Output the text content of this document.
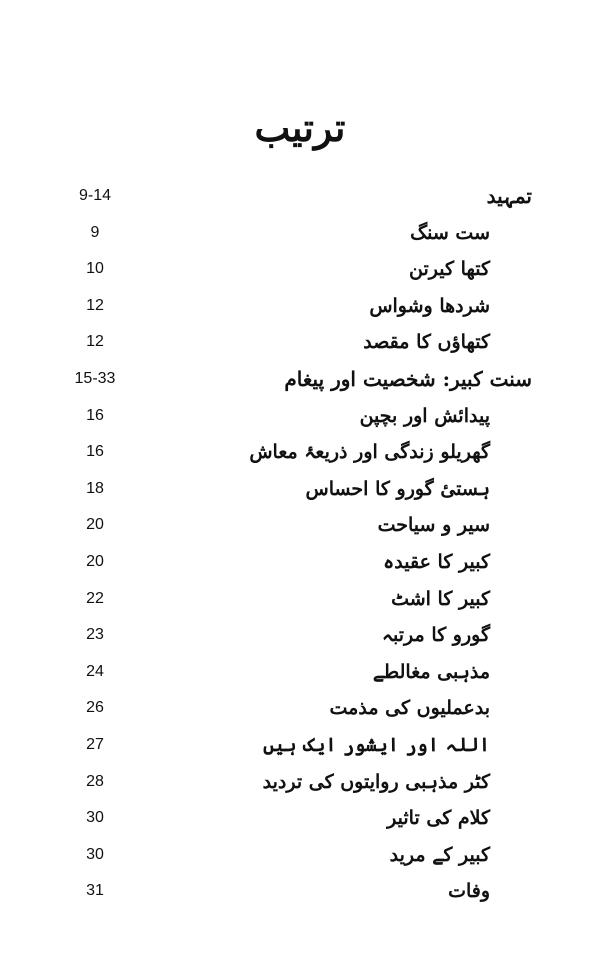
ترتیب
تمہید
9-14
ست سنگ
9
کتھا کیرتن
10
شردھا وشواس
12
کتھاؤں کا مقصد
12
سنت کبیر: شخصیت اور پیغام
15-33
پیدائش اور بچپن
16
گھریلو زندگی اور ذریعۂ معاش
16
ہستیٔ گورو کا احساس
18
سیر و سیاحت
20
کبیر کا عقیدہ
20
کبیر کا اشٹ
22
گورو کا مرتبہ
23
مذہبی مغالطے
24
بدعملیوں کی مذمت
26
اللہ اور ایشور ایک ہیں
27
کٹر مذہبی روایتوں کی تردید
28
کلام کی تاثیر
30
کبیر کے مرید
30
وفات
31
